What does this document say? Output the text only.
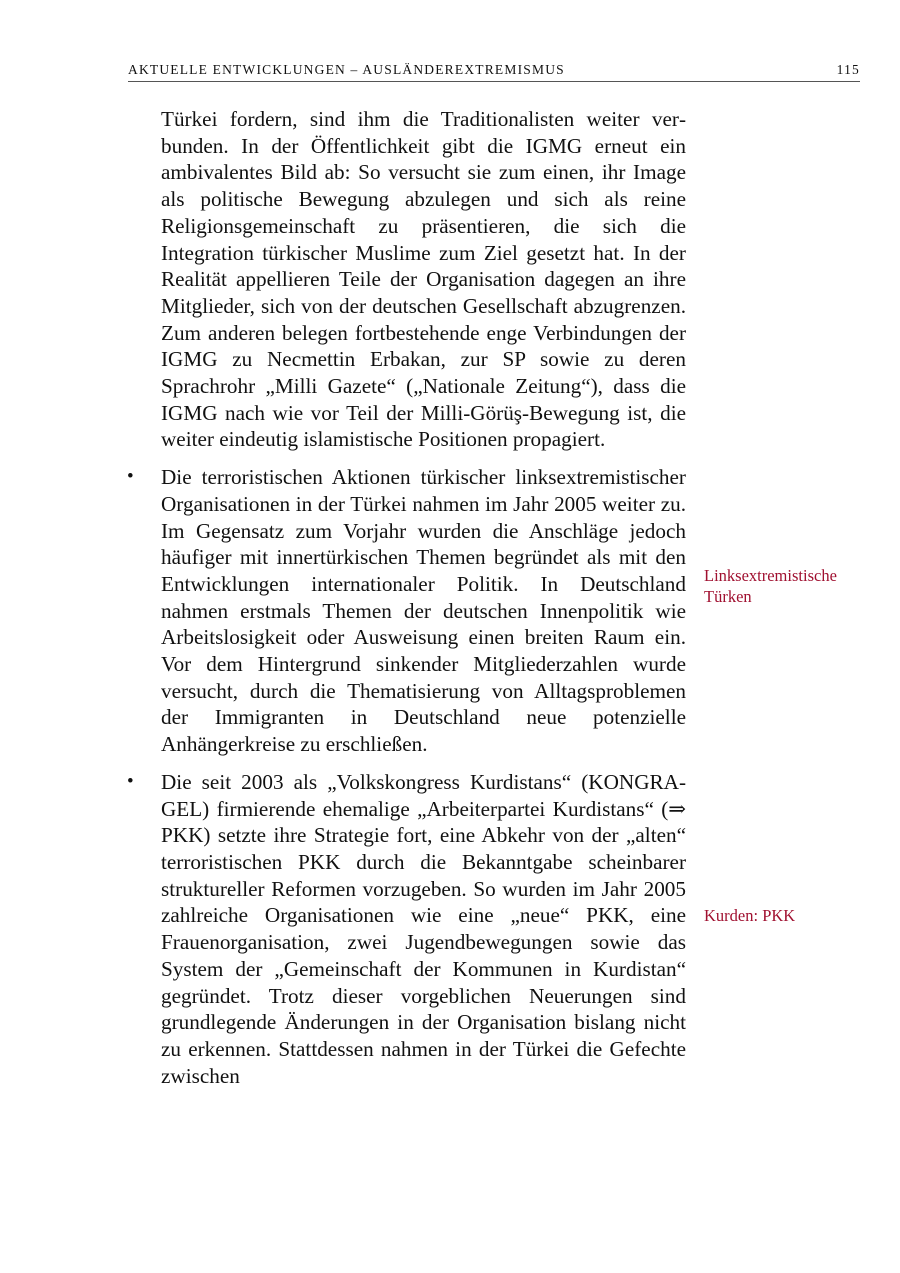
AKTUELLE ENTWICKLUNGEN – AUSLÄNDEREXTREMISMUS	115

Türkei fordern, sind ihm die Traditionalisten weiter verbunden. In der Öffentlichkeit gibt die IGMG erneut ein ambivalentes Bild ab: So versucht sie zum einen, ihr Image als politische Bewegung abzulegen und sich als reine Religionsgemeinschaft zu präsentieren, die sich die Integration türkischer Muslime zum Ziel gesetzt hat. In der Realität appellieren Teile der Organisation dagegen an ihre Mitglieder, sich von der deutschen Gesellschaft abzugrenzen. Zum anderen belegen fortbestehende enge Verbindungen der IGMG zu Necmettin Erbakan, zur SP sowie zu deren Sprachrohr „Milli Gazete“ („Nationale Zeitung“), dass die IGMG nach wie vor Teil der Milli-Görüş-Bewegung ist, die weiter eindeutig islamistische Positionen propagiert.

• Die terroristischen Aktionen türkischer linksextremistischer Organisationen in der Türkei nahmen im Jahr 2005 weiter zu. Im Gegensatz zum Vorjahr wurden die Anschläge jedoch häufiger mit innertürkischen Themen begründet als mit den Entwicklungen internationaler Politik. In Deutschland nahmen erstmals Themen der deutschen Innenpolitik wie Arbeitslosigkeit oder Ausweisung einen breiten Raum ein. Vor dem Hintergrund sinkender Mitgliederzahlen wurde versucht, durch die Thematisierung von Alltagsproblemen der Immigranten in Deutschland neue potenzielle Anhängerkreise zu erschließen.

• Die seit 2003 als „Volkskongress Kurdistans“ (KONGRA-GEL) firmierende ehemalige „Arbeiterpartei Kurdistans“ (⇒ PKK) setzte ihre Strategie fort, eine Abkehr von der „alten“ terroristischen PKK durch die Bekanntgabe scheinbarer struktureller Reformen vorzugeben. So wurden im Jahr 2005 zahlreiche Organisationen wie eine „neue“ PKK, eine Frauenorganisation, zwei Jugendbewegungen sowie das System der „Gemeinschaft der Kommunen in Kurdistan“ gegründet. Trotz dieser vorgeblichen Neuerungen sind grundlegende Änderungen in der Organisation bislang nicht zu erkennen. Stattdessen nahmen in der Türkei die Gefechte zwischen

Linksextremistische Türken
Kurden: PKK
